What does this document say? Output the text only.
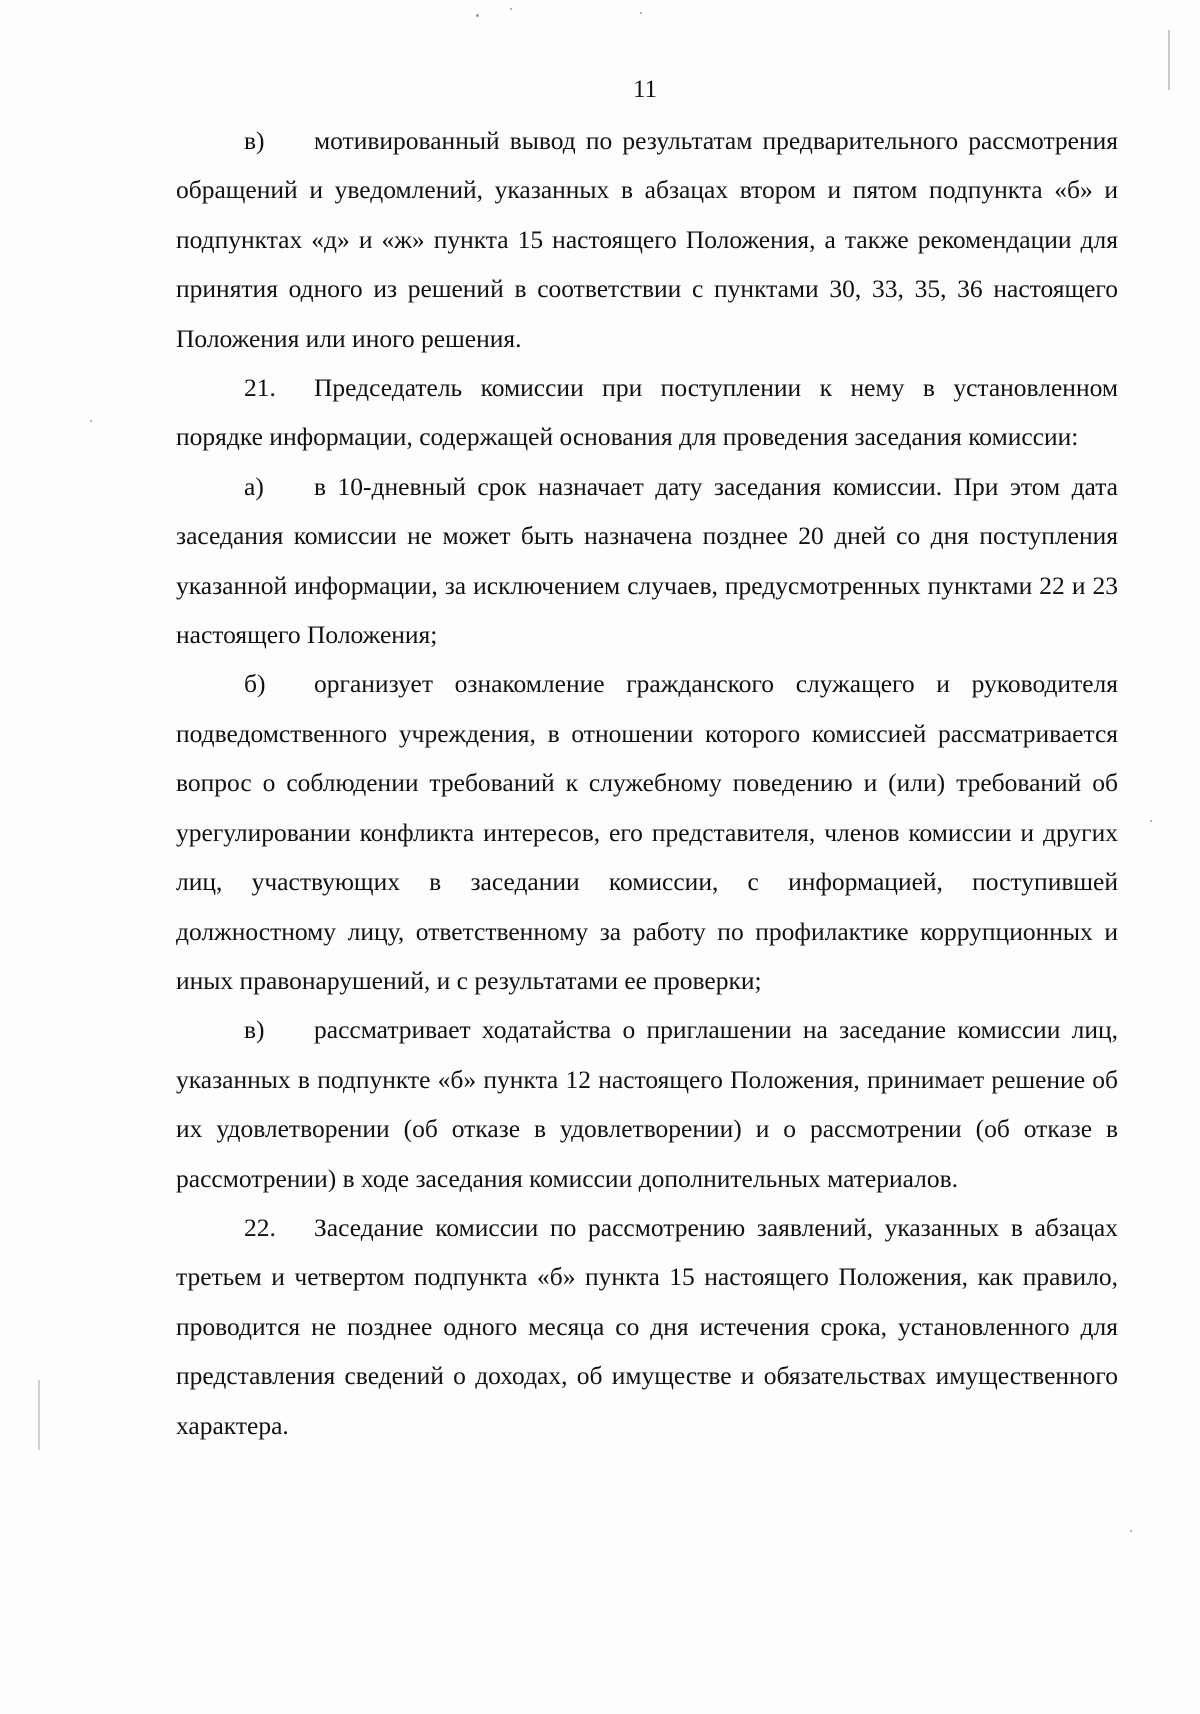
11

в) мотивированный вывод по результатам предварительного рассмотрения обращений и уведомлений, указанных в абзацах втором и пятом подпункта «б» и подпунктах «д» и «ж» пункта 15 настоящего Положения, а также рекомендации для принятия одного из решений в соответствии с пунктами 30, 33, 35, 36 настоящего Положения или иного решения.

21. Председатель комиссии при поступлении к нему в установленном порядке информации, содержащей основания для проведения заседания комиссии:

а) в 10-дневный срок назначает дату заседания комиссии. При этом дата заседания комиссии не может быть назначена позднее 20 дней со дня поступления указанной информации, за исключением случаев, предусмотренных пунктами 22 и 23 настоящего Положения;

б) организует ознакомление гражданского служащего и руководителя подведомственного учреждения, в отношении которого комиссией рассматривается вопрос о соблюдении требований к служебному поведению и (или) требований об урегулировании конфликта интересов, его представителя, членов комиссии и других лиц, участвующих в заседании комиссии, с информацией, поступившей должностному лицу, ответственному за работу по профилактике коррупционных и иных правонарушений, и с результатами ее проверки;

в) рассматривает ходатайства о приглашении на заседание комиссии лиц, указанных в подпункте «б» пункта 12 настоящего Положения, принимает решение об их удовлетворении (об отказе в удовлетворении) и о рассмотрении (об отказе в рассмотрении) в ходе заседания комиссии дополнительных материалов.

22. Заседание комиссии по рассмотрению заявлений, указанных в абзацах третьем и четвертом подпункта «б» пункта 15 настоящего Положения, как правило, проводится не позднее одного месяца со дня истечения срока, установленного для представления сведений о доходах, об имуществе и обязательствах имущественного характера.
